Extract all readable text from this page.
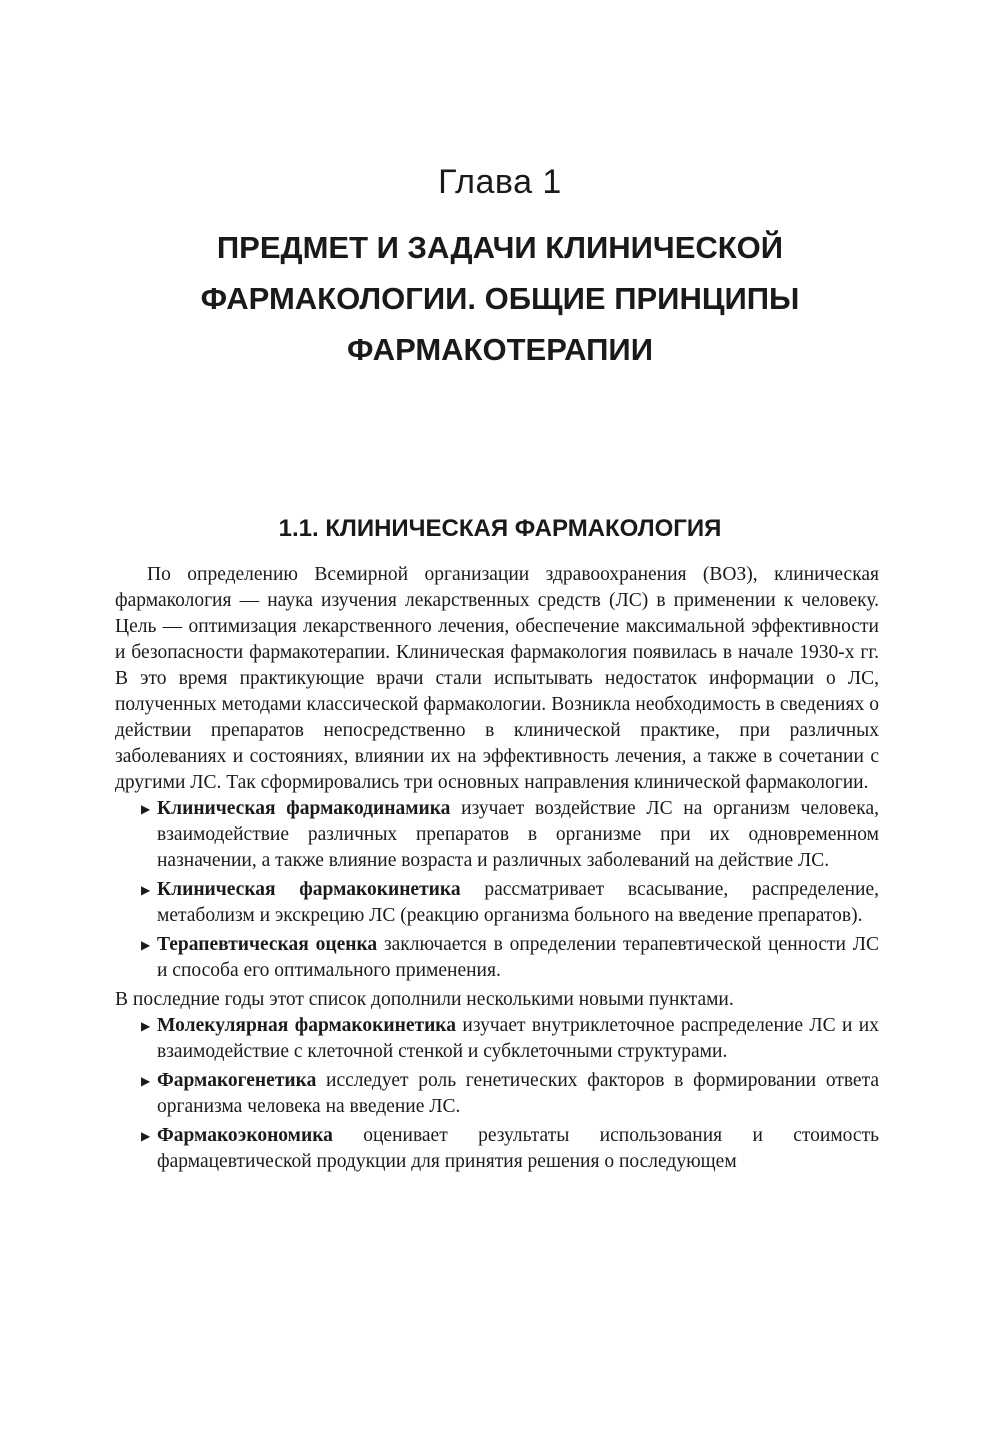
Глава 1
ПРЕДМЕТ И ЗАДАЧИ КЛИНИЧЕСКОЙ
ФАРМАКОЛОГИИ. ОБЩИЕ ПРИНЦИПЫ
ФАРМАКОТЕРАПИИ
1.1. КЛИНИЧЕСКАЯ ФАРМАКОЛОГИЯ

По определению Всемирной организации здравоохранения (ВОЗ), клиническая фармакология — наука изучения лекарственных средств (ЛС) в применении к человеку. Цель — оптимизация лекарственного лечения, обеспечение максимальной эффективности и безопасности фармакотерапии. Клиническая фармакология появилась в начале 1930-х гг. В это время практикующие врачи стали испытывать недостаток информации о ЛС, полученных методами классической фармакологии. Возникла необходимость в сведениях о действии препаратов непосредственно в клинической практике, при различных заболеваниях и состояниях, влиянии их на эффективность лечения, а также в сочетании с другими ЛС. Так сформировались три основных направления клинической фармакологии.

▶ Клиническая фармакодинамика изучает воздействие ЛС на организм человека, взаимодействие различных препаратов в организме при их одновременном назначении, а также влияние возраста и различных заболеваний на действие ЛС.
▶ Клиническая фармакокинетика рассматривает всасывание, распределение, метаболизм и экскрецию ЛС (реакцию организма больного на введение препаратов).
▶ Терапевтическая оценка заключается в определении терапевтической ценности ЛС и способа его оптимального применения.

В последние годы этот список дополнили несколькими новыми пунктами.

▶ Молекулярная фармакокинетика изучает внутриклеточное распределение ЛС и их взаимодействие с клеточной стенкой и субклеточными структурами.
▶ Фармакогенетика исследует роль генетических факторов в формировании ответа организма человека на введение ЛС.
▶ Фармакоэкономика оценивает результаты использования и стоимость фармацевтической продукции для принятия решения о последующем
